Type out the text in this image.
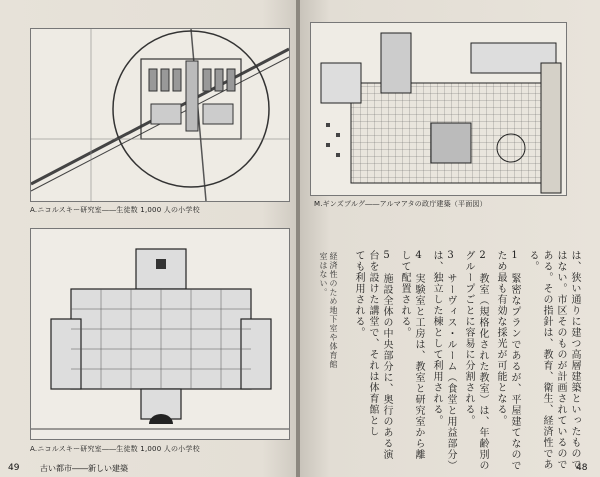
A.ニコルスキー研究室――生徒数 1,000 人の小学校
A.ニコルスキー研究室――生徒数 1,000 人の小学校
49	古い都市――新しい建築
M.ギンズブルグ――アルマアタの政庁建築（平面図）
は、狭い通りに建つ高層建築といったもので
はない。市区そのものが計画されているので
ある。その指針は、教育、衛生、経済性であ
る。
1　緊密なプランであるが、平屋建てなので
ため最も有効な採光が可能となる。
2　教室（規格化された教室）は、年齢別の
グループごとに容易に分割される。
3　サーヴィス・ルーム（食堂と用益部分）
は、独立した棟として利用される。
4　実験室と工房は、教室と研究室から離
して配置される。
5　施設全体の中央部分に、奥行のある演
台を設けた講堂で、それは体育館とし
ても利用される。
経済性のため地下室や体育館室はない。
48
